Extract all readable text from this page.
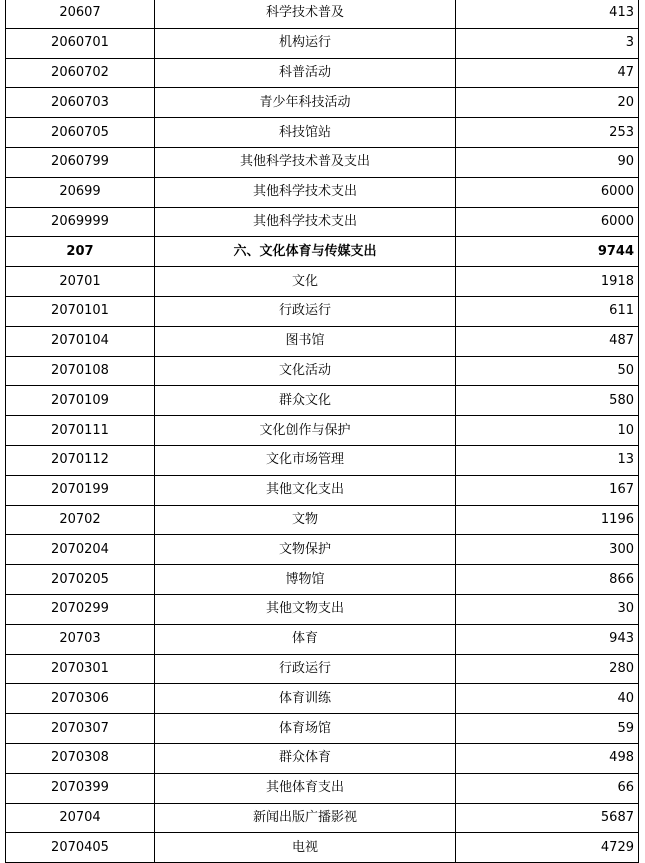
20607	科学技术普及	413
2060701	机构运行	3
2060702	科普活动	47
2060703	青少年科技活动	20
2060705	科技馆站	253
2060799	其他科学技术普及支出	90
20699	其他科学技术支出	6000
2069999	其他科学技术支出	6000
207	六、文化体育与传媒支出	9744
20701	文化	1918
2070101	行政运行	611
2070104	图书馆	487
2070108	文化活动	50
2070109	群众文化	580
2070111	文化创作与保护	10
2070112	文化市场管理	13
2070199	其他文化支出	167
20702	文物	1196
2070204	文物保护	300
2070205	博物馆	866
2070299	其他文物支出	30
20703	体育	943
2070301	行政运行	280
2070306	体育训练	40
2070307	体育场馆	59
2070308	群众体育	498
2070399	其他体育支出	66
20704	新闻出版广播影视	5687
2070405	电视	4729
